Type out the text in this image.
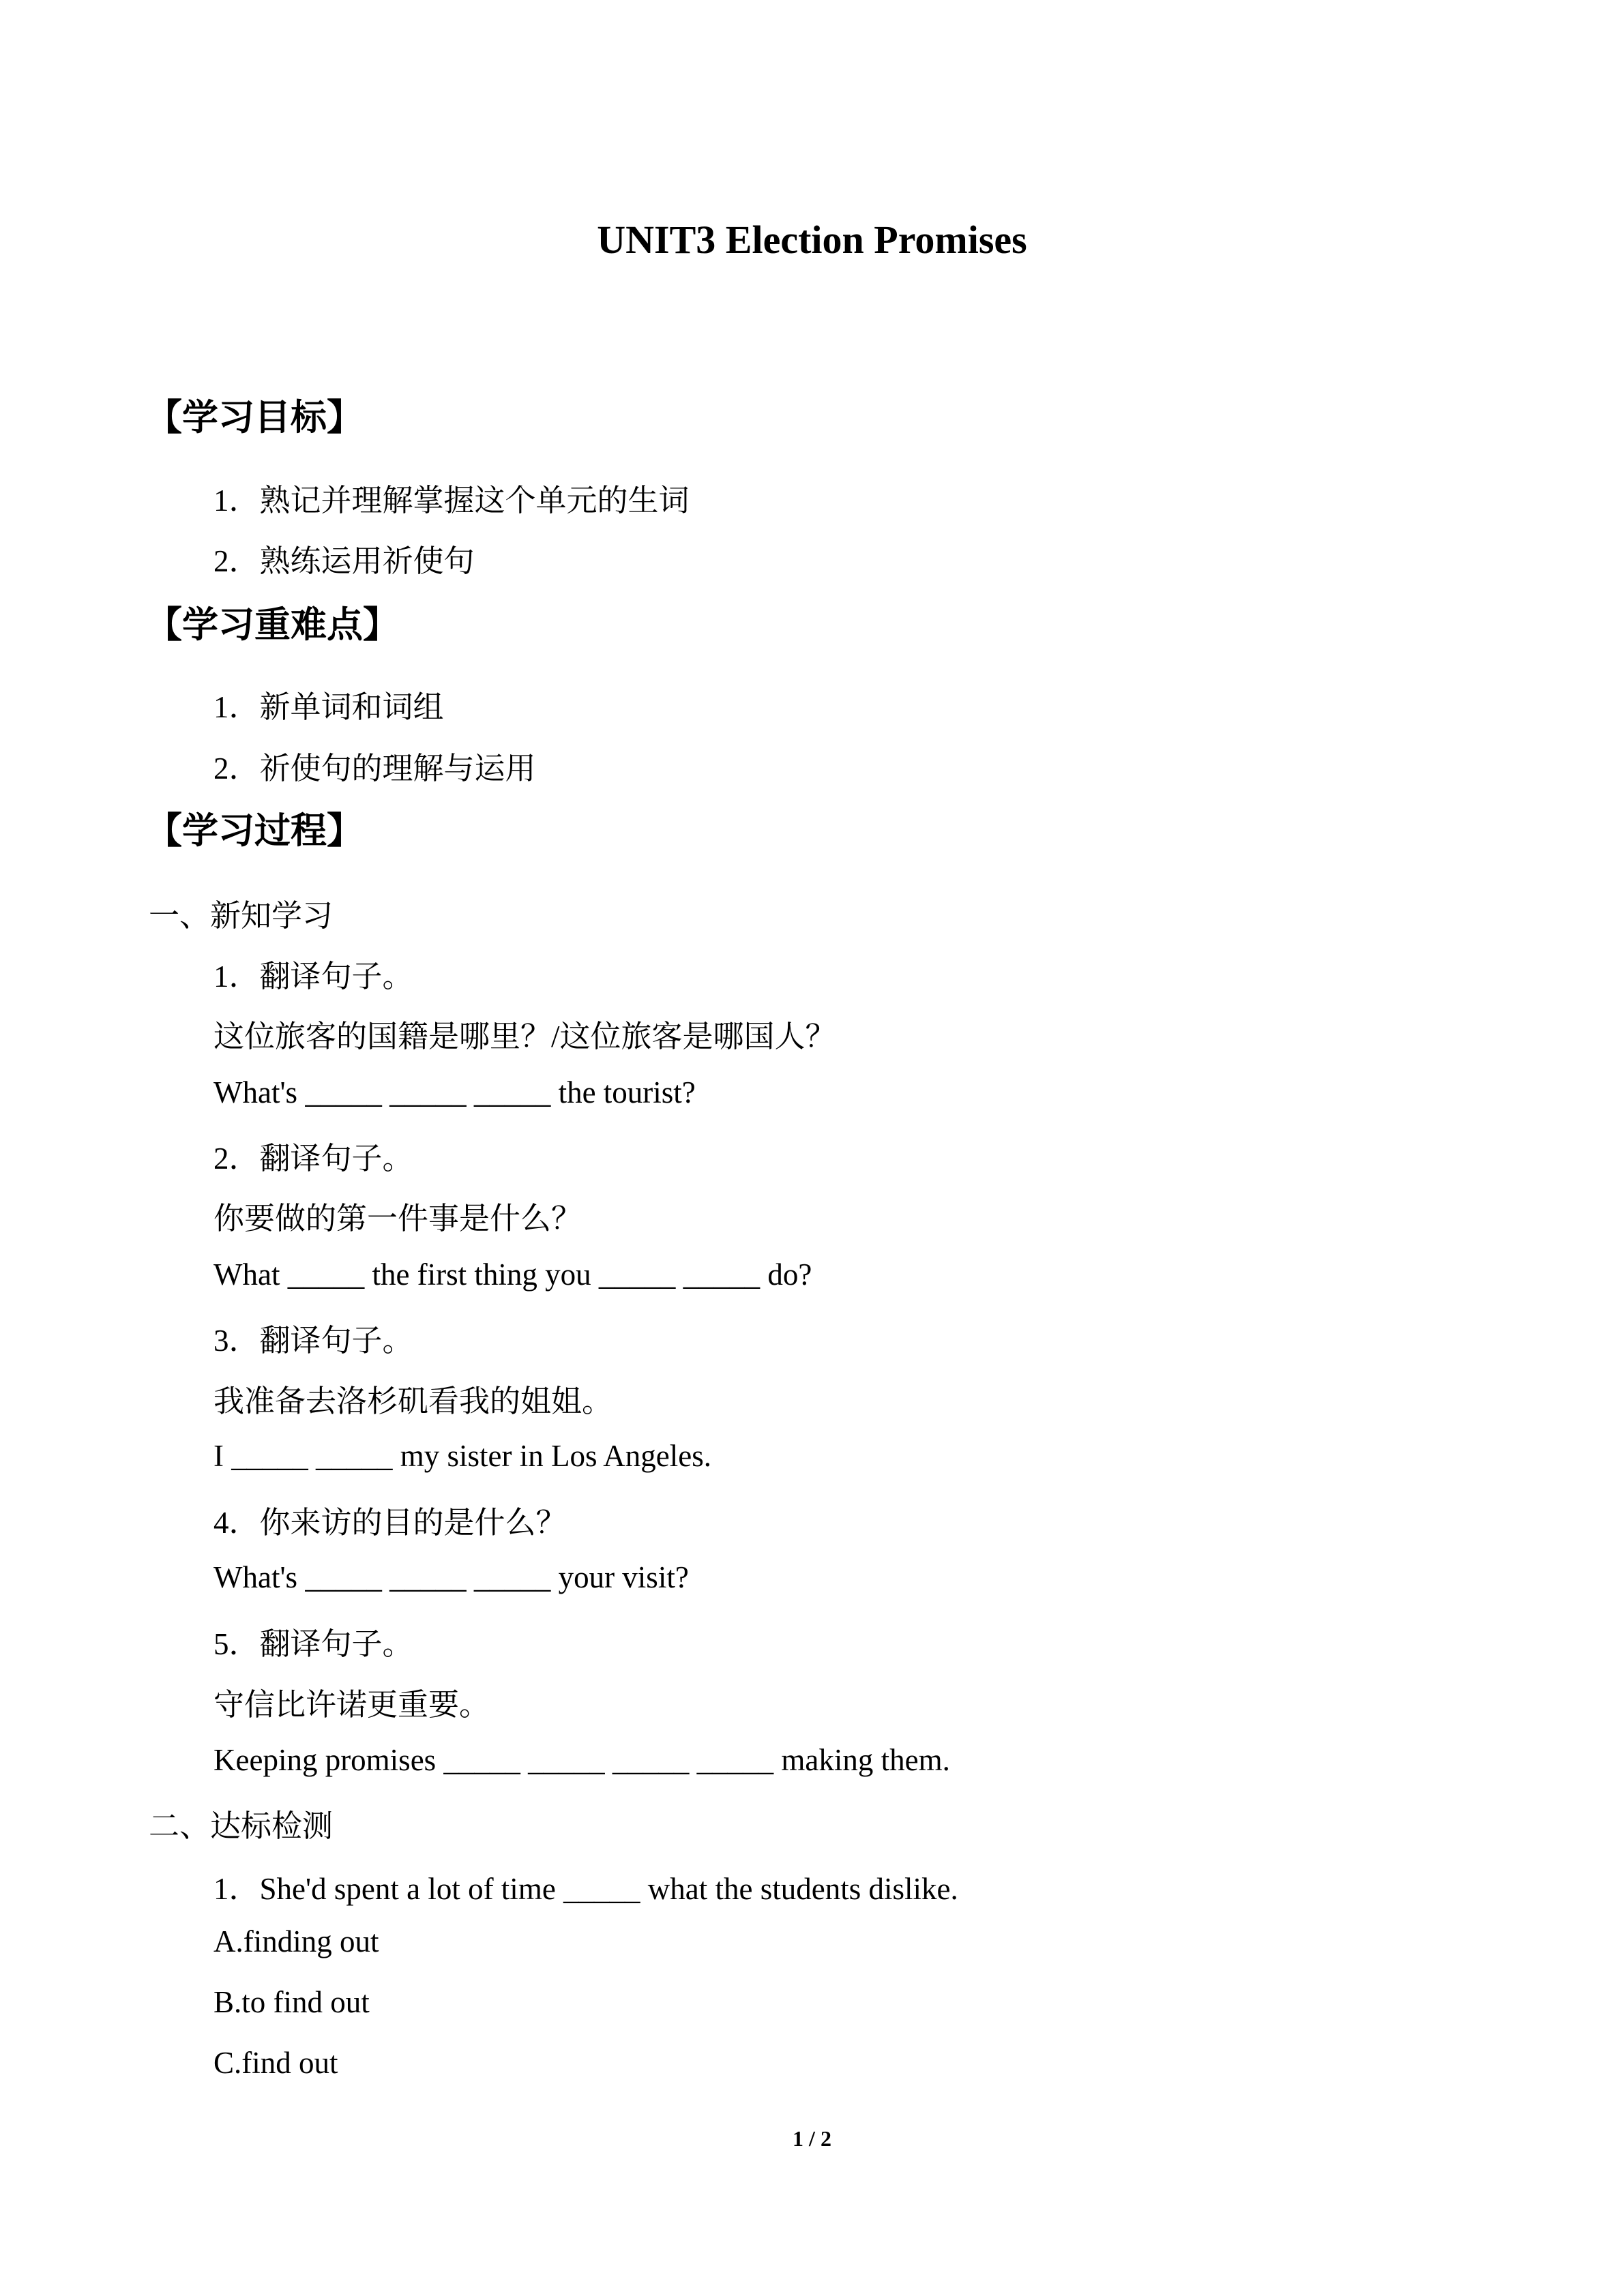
UNIT3 Election Promises
【学习目标】
1．熟记并理解掌握这个单元的生词
2．熟练运用祈使句
【学习重难点】
1．新单词和词组
2．祈使句的理解与运用
【学习过程】
一、新知学习
1．翻译句子。
这位旅客的国籍是哪里？/这位旅客是哪国人？
What's _____ _____ _____ the tourist?
2．翻译句子。
你要做的第一件事是什么？
What _____ the first thing you _____ _____ do?
3．翻译句子。
我准备去洛杉矶看我的姐姐。
I _____ _____ my sister in Los Angeles.
4．你来访的目的是什么？
What's _____ _____ _____ your visit?
5．翻译句子。
守信比许诺更重要。
Keeping promises _____ _____ _____ _____ making them.
二、达标检测
1．She'd spent a lot of time _____ what the students dislike.
A.finding out
B.to find out
C.find out
1 / 2
